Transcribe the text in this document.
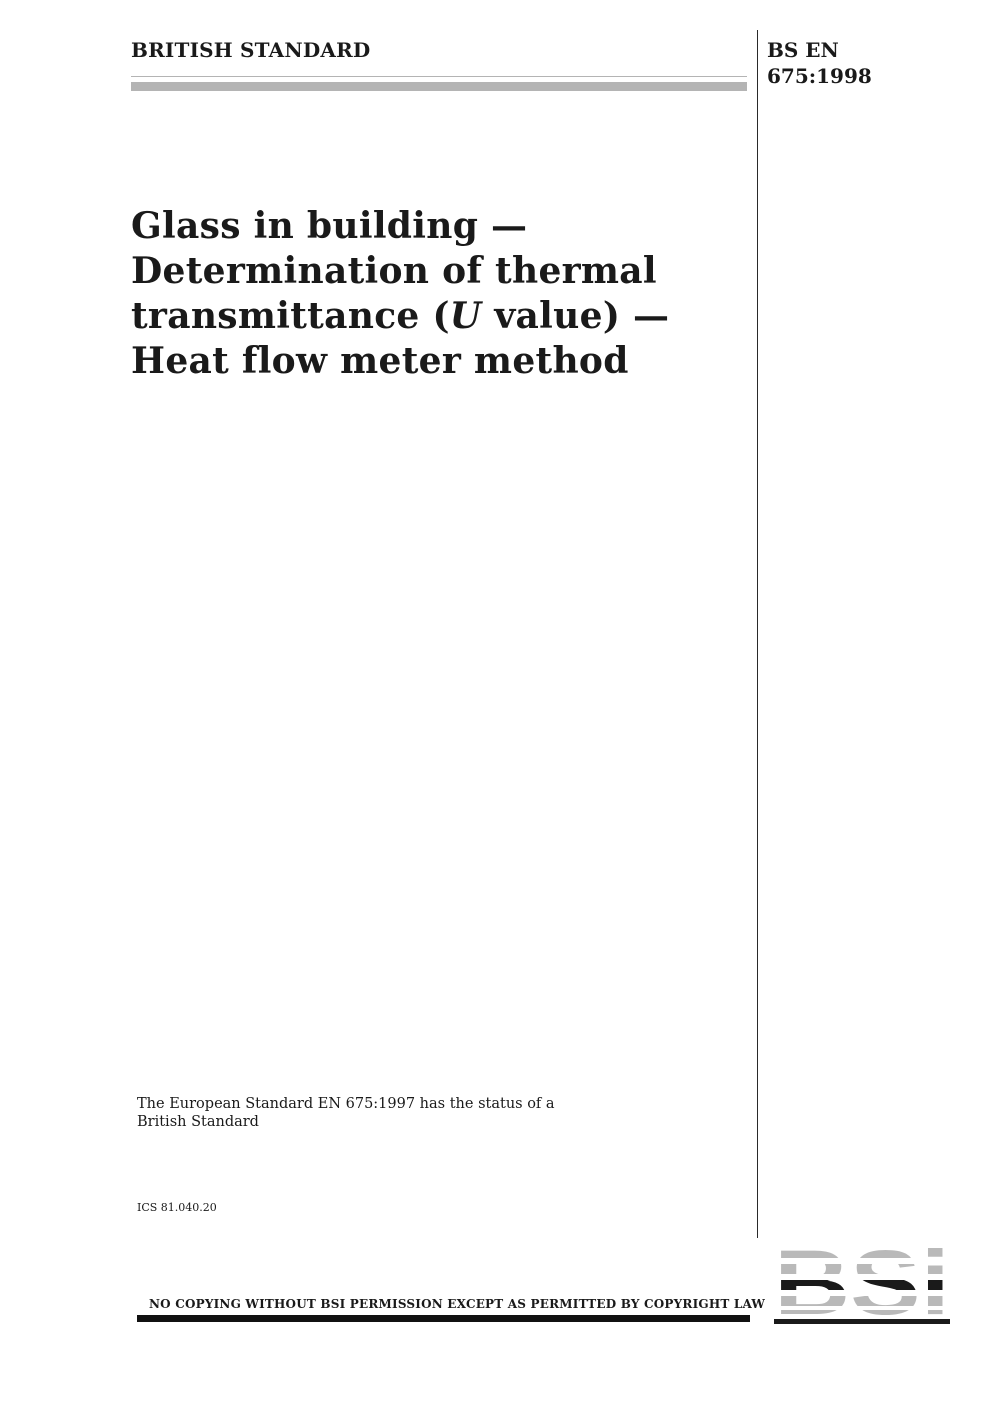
BRITISH STANDARD	BS EN
675:1998
Glass in building —
Determination of thermal
transmittance (U value) —
Heat flow meter method
The European Standard EN 675:1997 has the status of a
British Standard
ICS 81.040.20
NO COPYING WITHOUT BSI PERMISSION EXCEPT AS PERMITTED BY COPYRIGHT LAW
